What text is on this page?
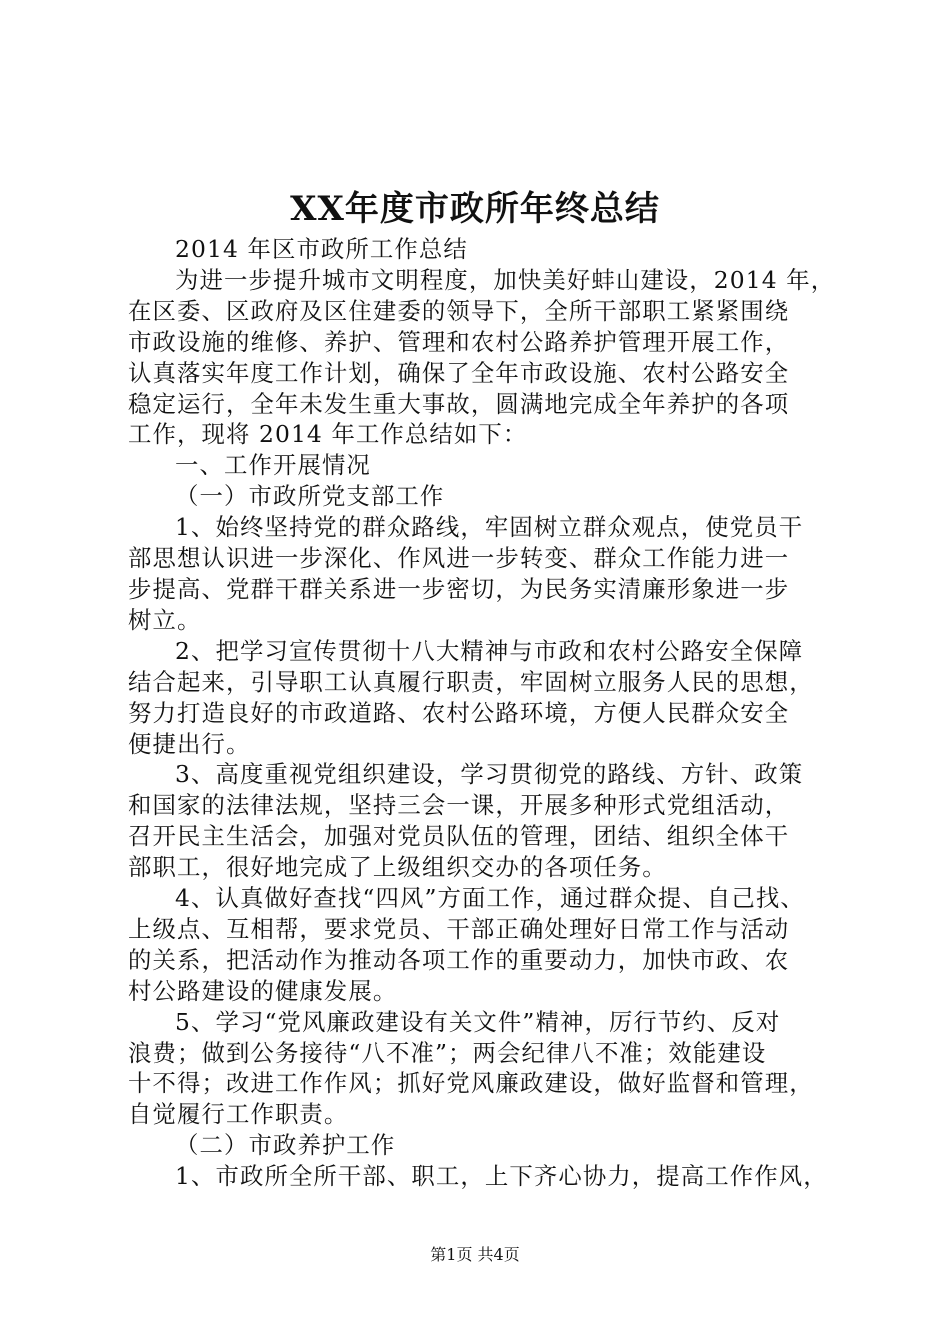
XX年度市政所年终总结

2014 年区市政所工作总结

为进一步提升城市文明程度，加快美好蚌山建设，2014 年，
在区委、区政府及区住建委的领导下，全所干部职工紧紧围绕
市政设施的维修、养护、管理和农村公路养护管理开展工作，
认真落实年度工作计划，确保了全年市政设施、农村公路安全
稳定运行，全年未发生重大事故，圆满地完成全年养护的各项
工作，现将 2014 年工作总结如下：

一、工作开展情况

（一）市政所党支部工作

1、始终坚持党的群众路线，牢固树立群众观点，使党员干
部思想认识进一步深化、作风进一步转变、群众工作能力进一
步提高、党群干群关系进一步密切，为民务实清廉形象进一步
树立。

2、把学习宣传贯彻十八大精神与市政和农村公路安全保障
结合起来，引导职工认真履行职责，牢固树立服务人民的思想，
努力打造良好的市政道路、农村公路环境，方便人民群众安全
便捷出行。

3、高度重视党组织建设，学习贯彻党的路线、方针、政策
和国家的法律法规，坚持三会一课，开展多种形式党组活动，
召开民主生活会，加强对党员队伍的管理，团结、组织全体干
部职工，很好地完成了上级组织交办的各项任务。

4、认真做好查找“四风”方面工作，通过群众提、自己找、
上级点、互相帮，要求党员、干部正确处理好日常工作与活动
的关系，把活动作为推动各项工作的重要动力，加快市政、农
村公路建设的健康发展。

5、学习“党风廉政建设有关文件”精神，厉行节约、反对
浪费；做到公务接待“八不准”；两会纪律八不准；效能建设
十不得；改进工作作风；抓好党风廉政建设，做好监督和管理，
自觉履行工作职责。

（二）市政养护工作

1、市政所全所干部、职工，上下齐心协力，提高工作作风，

第1页 共4页
